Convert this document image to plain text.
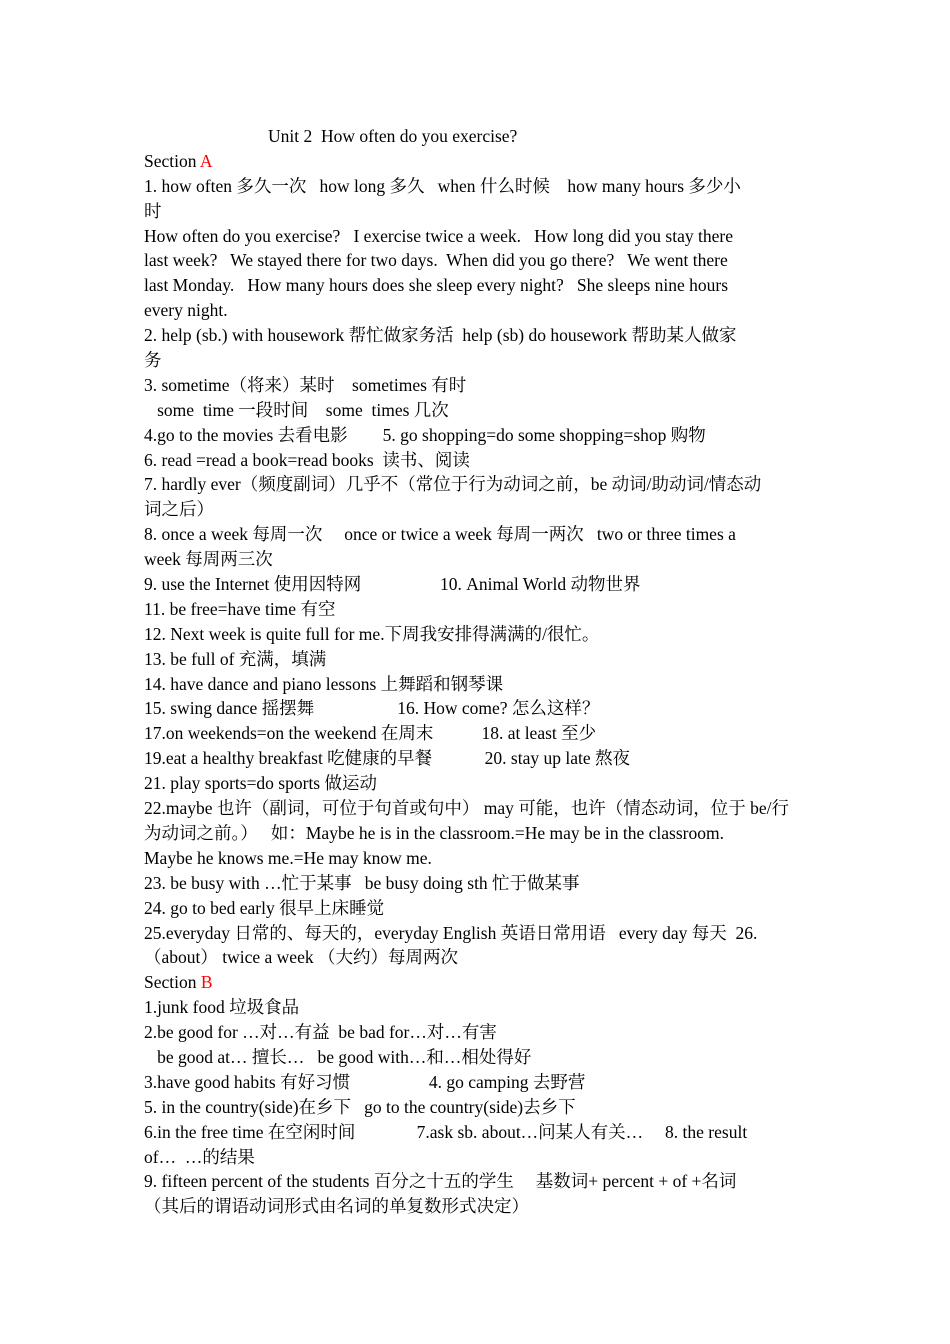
Unit 2  How often do you exercise?
Section A
1. how often 多久一次   how long 多久   when 什么时候    how many hours 多少小
时
How often do you exercise?   I exercise twice a week.   How long did you stay there
last week?   We stayed there for two days.  When did you go there?   We went there
last Monday.   How many hours does she sleep every night?   She sleeps nine hours
every night.
2. help (sb.) with housework 帮忙做家务活  help (sb) do housework 帮助某人做家
务
3. sometime（将来）某时    sometimes 有时
some  time 一段时间    some  times 几次
4.go to the movies 去看电影        5. go shopping=do some shopping=shop 购物
6. read =read a book=read books  读书、阅读
7. hardly ever（频度副词）几乎不（常位于行为动词之前，be 动词/助动词/情态动
词之后）
8. once a week 每周一次     once or twice a week 每周一两次   two or three times a
week 每周两三次
9. use the Internet 使用因特网                  10. Animal World 动物世界
11. be free=have time 有空
12. Next week is quite full for me.下周我安排得满满的/很忙。
13. be full of 充满，填满
14. have dance and piano lessons 上舞蹈和钢琴课
15. swing dance 摇摆舞                   16. How come? 怎么这样？
17.on weekends=on the weekend 在周末           18. at least 至少
19.eat a healthy breakfast 吃健康的早餐            20. stay up late 熬夜
21. play sports=do sports 做运动
22.maybe 也许（副词，可位于句首或句中） may 可能，也许（情态动词，位于 be/行
为动词之前。）   如：Maybe he is in the classroom.=He may be in the classroom.
Maybe he knows me.=He may know me.
23. be busy with …忙于某事   be busy doing sth 忙于做某事
24. go to bed early 很早上床睡觉
25.everyday 日常的、每天的，everyday English 英语日常用语   every day 每天  26.
（about） twice a week （大约）每周两次
Section B
1.junk food 垃圾食品
2.be good for …对…有益  be bad for…对…有害
be good at… 擅长…   be good with…和…相处得好
3.have good habits 有好习惯                  4. go camping 去野营
5. in the country(side)在乡下   go to the country(side)去乡下
6.in the free time 在空闲时间              7.ask sb. about…问某人有关…     8. the result
of…  …的结果
9. fifteen percent of the students 百分之十五的学生     基数词+ percent + of +名词
（其后的谓语动词形式由名词的单复数形式决定）
